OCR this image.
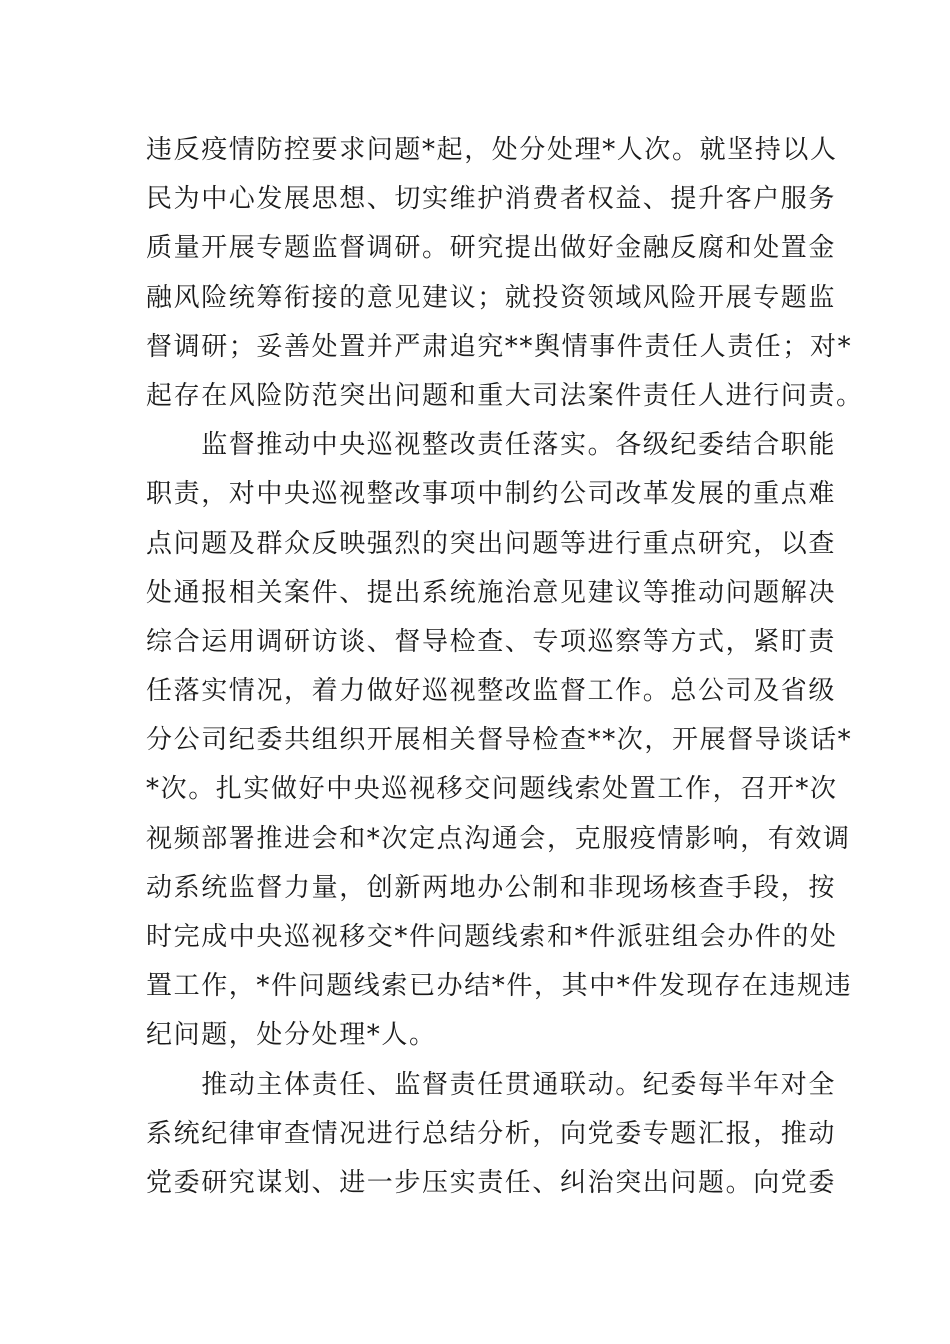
违反疫情防控要求问题*起，处分处理*人次。就坚持以人
民为中心发展思想、切实维护消费者权益、提升客户服务
质量开展专题监督调研。研究提出做好金融反腐和处置金
融风险统筹衔接的意见建议；就投资领域风险开展专题监
督调研；妥善处置并严肃追究**舆情事件责任人责任；对*
起存在风险防范突出问题和重大司法案件责任人进行问责。
　　监督推动中央巡视整改责任落实。各级纪委结合职能
职责，对中央巡视整改事项中制约公司改革发展的重点难
点问题及群众反映强烈的突出问题等进行重点研究，以查
处通报相关案件、提出系统施治意见建议等推动问题解决
综合运用调研访谈、督导检查、专项巡察等方式，紧盯责
任落实情况，着力做好巡视整改监督工作。总公司及省级
分公司纪委共组织开展相关督导检查**次，开展督导谈话*
*次。扎实做好中央巡视移交问题线索处置工作，召开*次
视频部署推进会和*次定点沟通会，克服疫情影响，有效调
动系统监督力量，创新两地办公制和非现场核查手段，按
时完成中央巡视移交*件问题线索和*件派驻组会办件的处
置工作，*件问题线索已办结*件，其中*件发现存在违规违
纪问题，处分处理*人。
　　推动主体责任、监督责任贯通联动。纪委每半年对全
系统纪律审查情况进行总结分析，向党委专题汇报，推动
党委研究谋划、进一步压实责任、纠治突出问题。向党委
